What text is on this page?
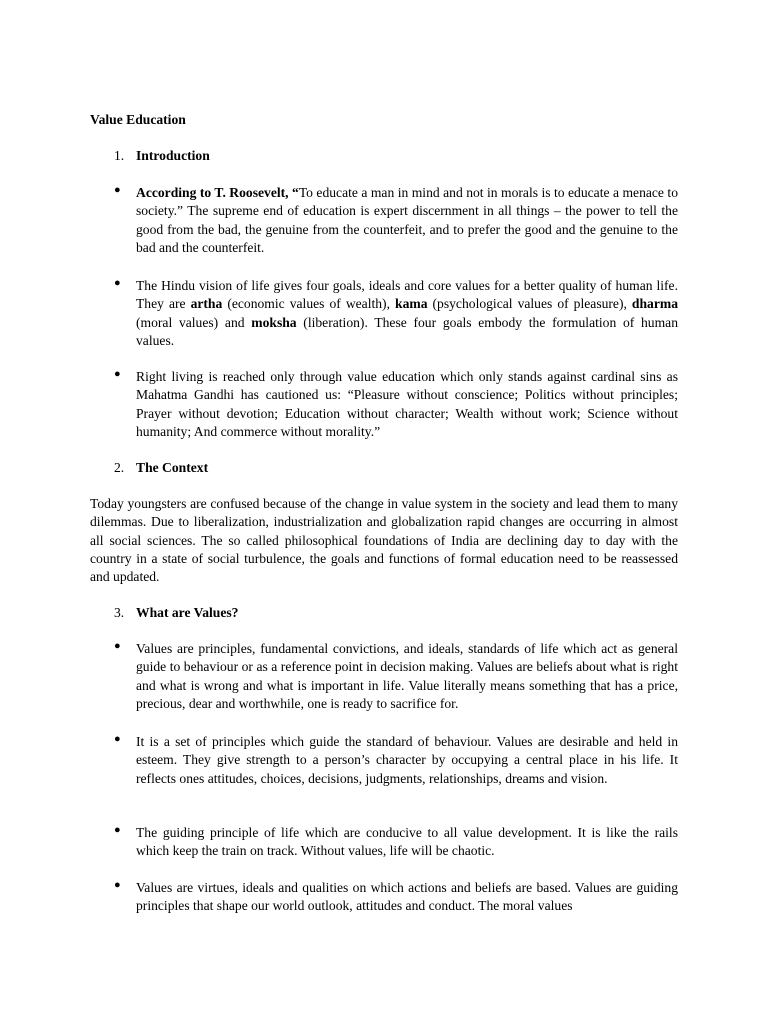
Value Education
1. Introduction
● According to T. Roosevelt, “To educate a man in mind and not in morals is to educate a menace to society.” The supreme end of education is expert discernment in all things – the power to tell the good from the bad, the genuine from the counterfeit, and to prefer the good and the genuine to the bad and the counterfeit.
● The Hindu vision of life gives four goals, ideals and core values for a better quality of human life. They are artha (economic values of wealth), kama (psychological values of pleasure), dharma (moral values) and moksha (liberation). These four goals embody the formulation of human values.
● Right living is reached only through value education which only stands against cardinal sins as Mahatma Gandhi has cautioned us: “Pleasure without conscience; Politics without principles; Prayer without devotion; Education without character; Wealth without work; Science without humanity; And commerce without morality.”
2. The Context
Today youngsters are confused because of the change in value system in the society and lead them to many dilemmas. Due to liberalization, industrialization and globalization rapid changes are occurring in almost all social sciences. The so called philosophical foundations of India are declining day to day with the country in a state of social turbulence, the goals and functions of formal education need to be reassessed and updated.
3. What are Values?
● Values are principles, fundamental convictions, and ideals, standards of life which act as general guide to behaviour or as a reference point in decision making. Values are beliefs about what is right and what is wrong and what is important in life. Value literally means something that has a price, precious, dear and worthwhile, one is ready to sacrifice for.
● It is a set of principles which guide the standard of behaviour. Values are desirable and held in esteem. They give strength to a person’s character by occupying a central place in his life. It reflects ones attitudes, choices, decisions, judgments, relationships, dreams and vision.
● The guiding principle of life which are conducive to all value development. It is like the rails which keep the train on track. Without values, life will be chaotic.
● Values are virtues, ideals and qualities on which actions and beliefs are based. Values are guiding principles that shape our world outlook, attitudes and conduct. The moral values
